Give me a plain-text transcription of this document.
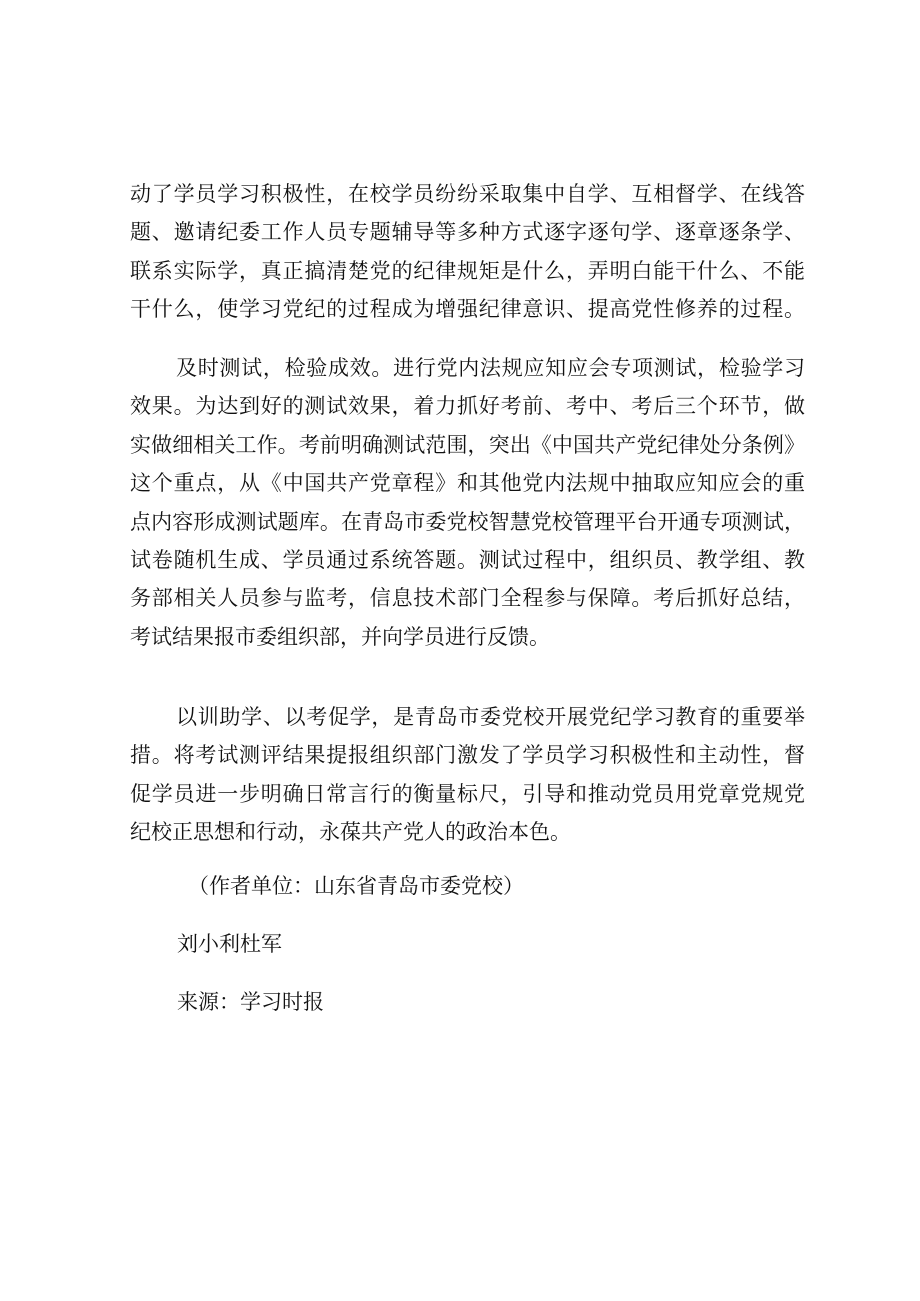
动了学员学习积极性，在校学员纷纷采取集中自学、互相督学、在线答
题、邀请纪委工作人员专题辅导等多种方式逐字逐句学、逐章逐条学、
联系实际学，真正搞清楚党的纪律规矩是什么，弄明白能干什么、不能
干什么，使学习党纪的过程成为增强纪律意识、提高党性修养的过程。
及时测试，检验成效。进行党内法规应知应会专项测试，检验学习
效果。为达到好的测试效果，着力抓好考前、考中、考后三个环节，做
实做细相关工作。考前明确测试范围，突出《中国共产党纪律处分条例》
这个重点，从《中国共产党章程》和其他党内法规中抽取应知应会的重
点内容形成测试题库。在青岛市委党校智慧党校管理平台开通专项测试，
试卷随机生成、学员通过系统答题。测试过程中，组织员、教学组、教
务部相关人员参与监考，信息技术部门全程参与保障。考后抓好总结，
考试结果报市委组织部，并向学员进行反馈。
以训助学、以考促学，是青岛市委党校开展党纪学习教育的重要举
措。将考试测评结果提报组织部门激发了学员学习积极性和主动性，督
促学员进一步明确日常言行的衡量标尺，引导和推动党员用党章党规党
纪校正思想和行动，永葆共产党人的政治本色。
（作者单位：山东省青岛市委党校）
刘小利杜军
来源：学习时报
